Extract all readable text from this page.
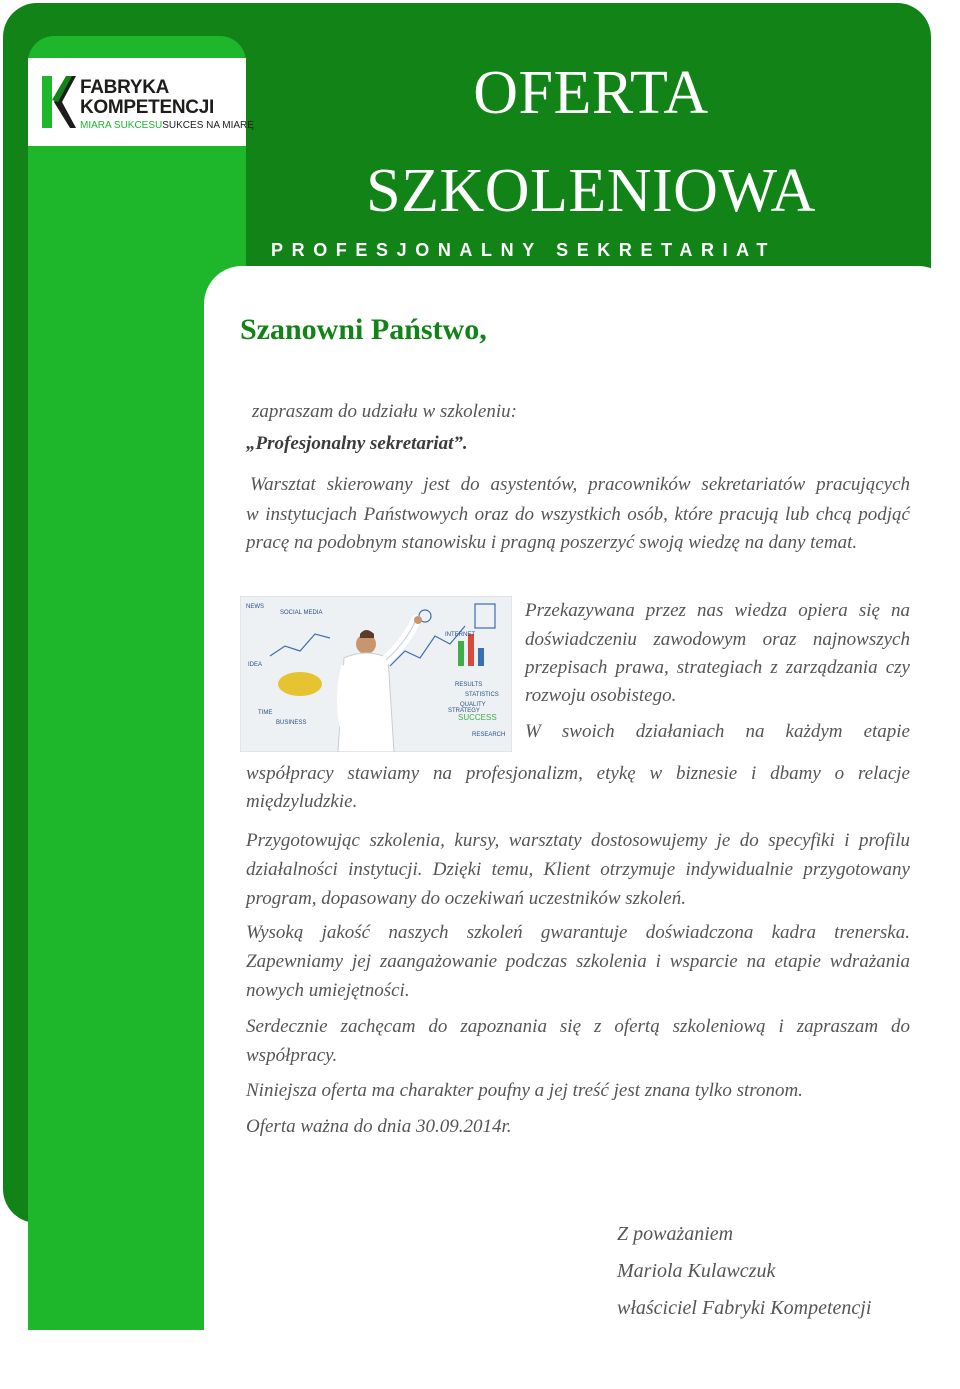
FABRYKA
KOMPETENCJI
MIARA SUKCESUSUKCES NA MIARĘ	OFERTA
SZKOLENIOWA
PROFESJONALNY SEKRETARIAT
Szanowni Państwo,
zapraszam do udziału w szkoleniu:
„Profesjonalny sekretariat”.
Warsztat skierowany jest do asystentów, pracowników sekretariatów pracujących
w instytucjach Państwowych oraz do wszystkich osób, które pracują lub chcą podjąć
pracę na podobnym stanowisku i pragną poszerzyć swoją wiedzę na dany temat.
NEWS
SOCIAL MEDIA
INTERNET
RESULTS
SUCCESS
STRATEGY
STATISTICS
QUALITY
BUSINESS
RESEARCH
TIME
IDEA
Przekazywana przez nas wiedza opiera się na
doświadczeniu zawodowym oraz najnowszych
przepisach prawa, strategiach z zarządzania czy
rozwoju osobistego.
W swoich działaniach na każdym etapie
współpracy stawiamy na profesjonalizm, etykę w biznesie i dbamy o relacje międzyludzkie.
Przygotowując szkolenia, kursy, warsztaty dostosowujemy je do specyfiki i profilu działalności instytucji. Dzięki temu, Klient otrzymuje indywidualnie przygotowany program, dopasowany do oczekiwań uczestników szkoleń.
Wysoką jakość naszych szkoleń gwarantuje doświadczona kadra trenerska. Zapewniamy jej zaangażowanie podczas szkolenia i wsparcie na etapie wdrażania nowych umiejętności.
Serdecznie zachęcam do zapoznania się z ofertą szkoleniową i zapraszam do współpracy.
Niniejsza oferta ma charakter poufny a jej treść jest znana tylko stronom.
Oferta ważna do dnia 30.09.2014r.
Z poważaniem
Mariola Kulawczuk
właściciel Fabryki Kompetencji
